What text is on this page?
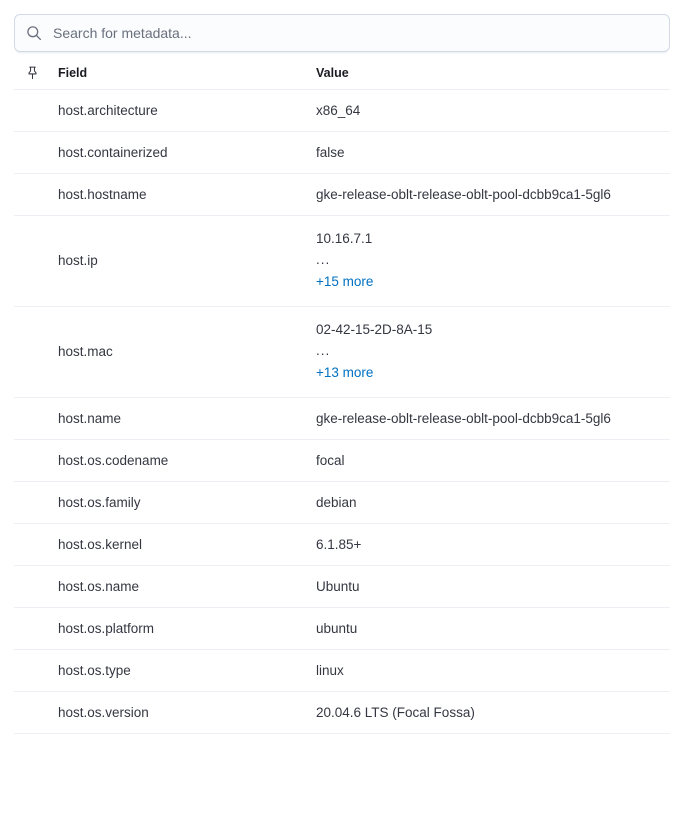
Search for metadata...
	Field	Value
	host.architecture	x86_64
	host.containerized	false
	host.hostname	gke-release-oblt-release-oblt-pool-dcbb9ca1-5gl6
	host.ip	10.16.7.1
...
+15 more

	host.mac	02-42-15-2D-8A-15
...
+13 more

	host.name	gke-release-oblt-release-oblt-pool-dcbb9ca1-5gl6
	host.os.codename	focal
	host.os.family	debian
	host.os.kernel	6.1.85+
	host.os.name	Ubuntu
	host.os.platform	ubuntu
	host.os.type	linux
	host.os.version	20.04.6 LTS (Focal Fossa)
